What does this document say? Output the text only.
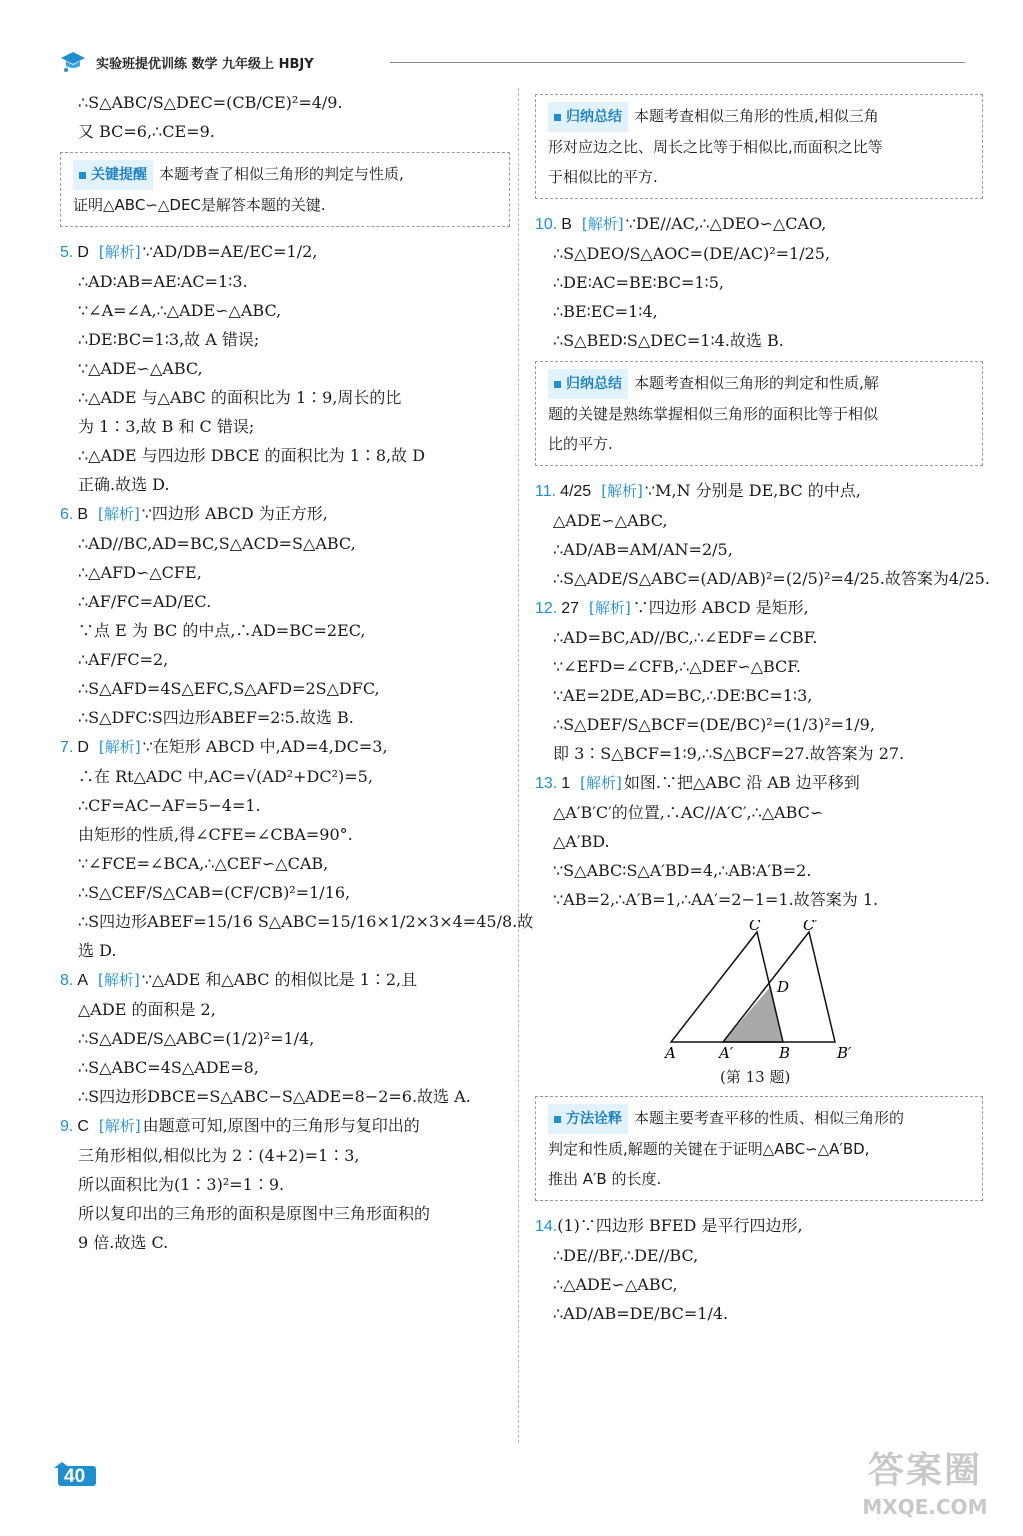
实验班提优训练 数学 九年级上 HBJY
∴S△ABC/S△DEC=(CB/CE)²=4/9.
又 BC=6,∴CE=9.
关键提醒 本题考查了相似三角形的判定与性质,
证明△ABC∽△DEC是解答本题的关键.
5. D [解析] ∵AD/DB=AE/EC=1/2,
∴AD∶AB=AE∶AC=1∶3.
∵∠A=∠A,∴△ADE∽△ABC,
∴DE∶BC=1∶3,故 A 错误;
∵△ADE∽△ABC,
∴△ADE 与△ABC 的面积比为 1∶9,周长的比
为 1∶3,故 B 和 C 错误;
∴△ADE 与四边形 DBCE 的面积比为 1∶8,故 D
正确.故选 D.
6. B [解析] ∵四边形 ABCD 为正方形,
∴AD//BC,AD=BC,S△ACD=S△ABC,
∴△AFD∽△CFE,
∴AF/FC=AD/EC.
∵点 E 为 BC 的中点,∴AD=BC=2EC,
∴AF/FC=2,
∴S△AFD=4S△EFC,S△AFD=2S△DFC,
∴S△DFC∶S四边形ABEF=2∶5.故选 B.
7. D [解析] ∵在矩形 ABCD 中,AD=4,DC=3,
∴在 Rt△ADC 中,AC=√(AD²+DC²)=5,
∴CF=AC−AF=5−4=1.
由矩形的性质,得∠CFE=∠CBA=90°.
∵∠FCE=∠BCA,∴△CEF∽△CAB,
∴S△CEF/S△CAB=(CF/CB)²=1/16,
∴S四边形ABEF=15/16 S△ABC=15/16×1/2×3×4=45/8.故
选 D.
8. A [解析] ∵△ADE 和△ABC 的相似比是 1∶2,且
△ADE 的面积是 2,
∴S△ADE/S△ABC=(1/2)²=1/4,
∴S△ABC=4S△ADE=8,
∴S四边形DBCE=S△ABC−S△ADE=8−2=6.故选 A.
9. C [解析] 由题意可知,原图中的三角形与复印出的
三角形相似,相似比为 2∶(4+2)=1∶3,
所以面积比为(1∶3)²=1∶9.
所以复印出的三角形的面积是原图中三角形面积的
9 倍.故选 C.
归纳总结 本题考查相似三角形的性质,相似三角
形对应边之比、周长之比等于相似比,而面积之比等
于相似比的平方.
10. B [解析] ∵DE//AC,∴△DEO∽△CAO,
∴S△DEO/S△AOC=(DE/AC)²=1/25,
∴DE∶AC=BE∶BC=1∶5,
∴BE∶EC=1∶4,
∴S△BED∶S△DEC=1∶4.故选 B.
归纳总结 本题考查相似三角形的判定和性质,解
题的关键是熟练掌握相似三角形的面积比等于相似
比的平方.
11. 4/25 [解析] ∵M,N 分别是 DE,BC 的中点,
△ADE∽△ABC,
∴AD/AB=AM/AN=2/5,
∴S△ADE/S△ABC=(AD/AB)²=(2/5)²=4/25.故答案为4/25.
12. 27 [解析] ∵四边形 ABCD 是矩形,
∴AD=BC,AD//BC,∴∠EDF=∠CBF.
∵∠EFD=∠CFB,∴△DEF∽△BCF.
∵AE=2DE,AD=BC,∴DE∶BC=1∶3,
∴S△DEF/S△BCF=(DE/BC)²=(1/3)²=1/9,
即 3∶S△BCF=1∶9,∴S△BCF=27.故答案为 27.
13. 1 [解析] 如图.∵把△ABC 沿 AB 边平移到
△A′B′C′的位置,∴AC//A′C′,∴△ABC∽
△A′BD.
∵S△ABC∶S△A′BD=4,∴AB∶A′B=2.
∵AB=2,∴A′B=1,∴AA′=2−1=1.故答案为 1.
A	A′	B	B′
C	C′
D
(第 13 题)
方法诠释 本题主要考查平移的性质、相似三角形的
判定和性质,解题的关键在于证明△ABC∽△A′BD,
推出 A′B 的长度.
14.(1)∵四边形 BFED 是平行四边形,
∴DE//BF,∴DE//BC,
∴△ADE∽△ABC,
∴AD/AB=DE/BC=1/4.
40	答案圈
MXQE.COM
